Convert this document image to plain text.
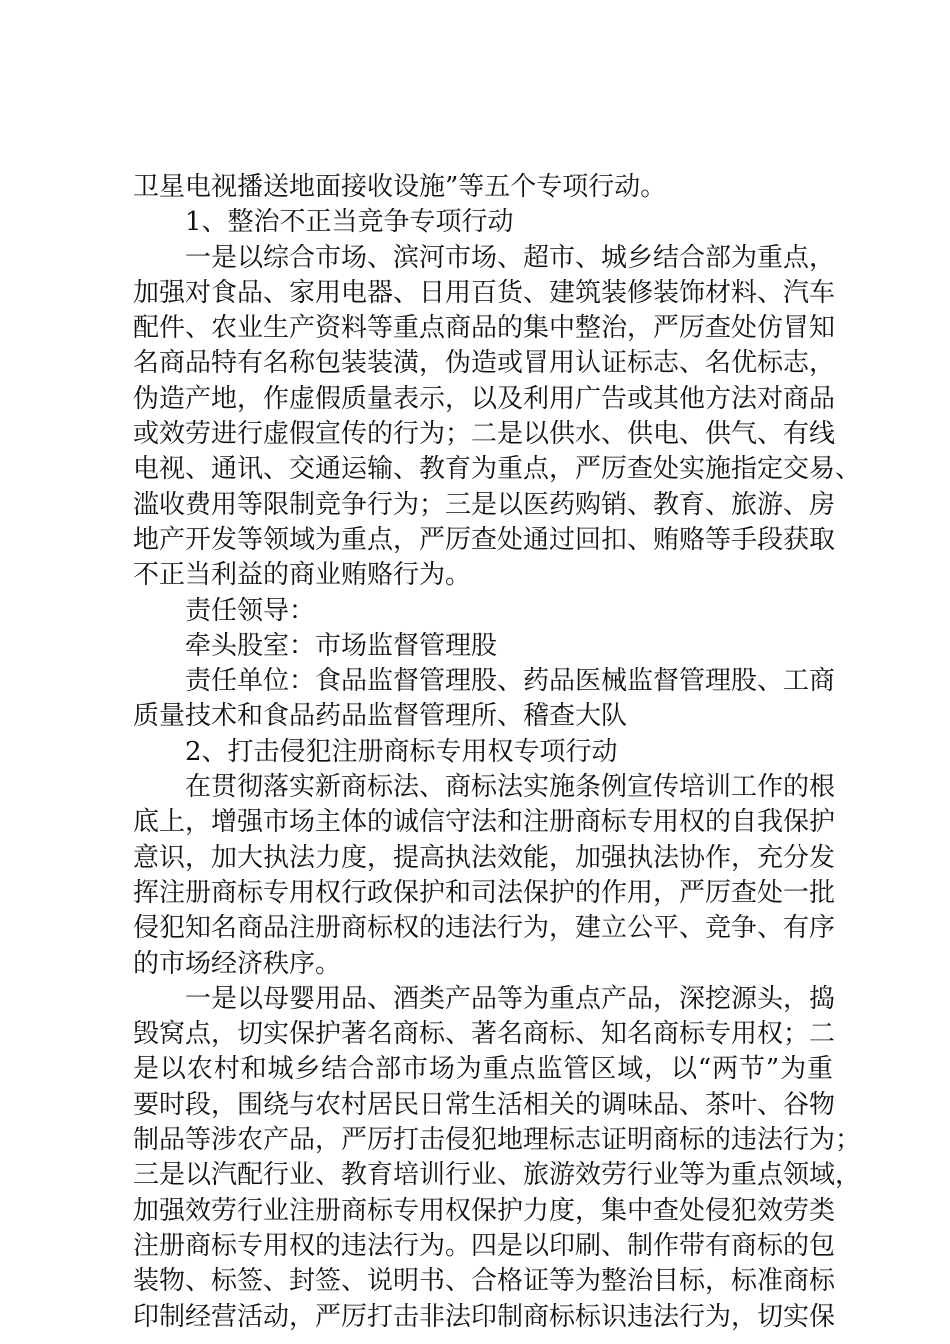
卫星电视播送地面接收设施”等五个专项行动。
1、整治不正当竞争专项行动
一是以综合市场、滨河市场、超市、城乡结合部为重点，
加强对食品、家用电器、日用百货、建筑装修装饰材料、汽车
配件、农业生产资料等重点商品的集中整治，严厉查处仿冒知
名商品特有名称包装装潢，伪造或冒用认证标志、名优标志，
伪造产地，作虚假质量表示，以及利用广告或其他方法对商品
或效劳进行虚假宣传的行为；二是以供水、供电、供气、有线
电视、通讯、交通运输、教育为重点，严厉查处实施指定交易、
滥收费用等限制竞争行为；三是以医药购销、教育、旅游、房
地产开发等领域为重点，严厉查处通过回扣、贿赂等手段获取
不正当利益的商业贿赂行为。
责任领导：
牵头股室：市场监督管理股
责任单位：食品监督管理股、药品医械监督管理股、工商
质量技术和食品药品监督管理所、稽查大队
2、打击侵犯注册商标专用权专项行动
在贯彻落实新商标法、商标法实施条例宣传培训工作的根
底上，增强市场主体的诚信守法和注册商标专用权的自我保护
意识，加大执法力度，提高执法效能，加强执法协作，充分发
挥注册商标专用权行政保护和司法保护的作用，严厉查处一批
侵犯知名商品注册商标权的违法行为，建立公平、竞争、有序
的市场经济秩序。
一是以母婴用品、酒类产品等为重点产品，深挖源头，捣
毁窝点，切实保护著名商标、著名商标、知名商标专用权；二
是以农村和城乡结合部市场为重点监管区域，以“两节”为重
要时段，围绕与农村居民日常生活相关的调味品、茶叶、谷物
制品等涉农产品，严厉打击侵犯地理标志证明商标的违法行为；
三是以汽配行业、教育培训行业、旅游效劳行业等为重点领域，
加强效劳行业注册商标专用权保护力度，集中查处侵犯效劳类
注册商标专用权的违法行为。四是以印刷、制作带有商标的包
装物、标签、封签、说明书、合格证等为整治目标，标准商标
印制经营活动，严厉打击非法印制商标标识违法行为，切实保
